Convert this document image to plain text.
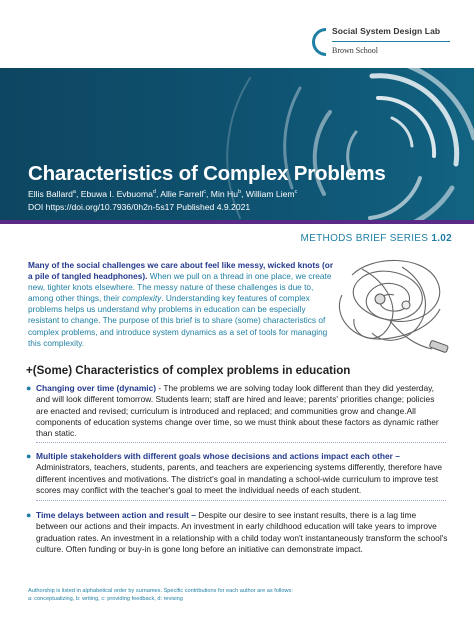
Social System Design Lab
Brown School
Characteristics of Complex Problems
Ellis Ballard$^a$, Ebuwa I. Evbuoma$^d$, Allie Farrell$^c$, Min Hu$^b$, William Liem$^c$
DOI https://doi.org/10.7936/0h2n-5s17 Published 4.9.2021
METHODS BRIEF SERIES 1.02
Many of the social challenges we care about feel like messy, wicked knots (or a pile of tangled headphones). When we pull on a thread in one place, we create new, tighter knots elsewhere. The messy nature of these challenges is due to, among other things, their complexity. Understanding key features of complex problems helps us understand why problems in education can be especially resistant to change. The purpose of this brief is to share (some) characteristics of complex problems, and introduce system dynamics as a set of tools for managing this complexity.
+(Some) Characteristics of complex problems in education
● Changing over time (dynamic) - The problems we are solving today look different than they did yesterday, and will look different tomorrow. Students learn; staff are hired and leave; parents' priorities change; policies are enacted and revised; curriculum is introduced and replaced; and communities grow and change.All components of education systems change over time, so we must think about these factors as dynamic rather than static.
● Multiple stakeholders with different goals whose decisions and actions impact each other – Administrators, teachers, students, parents, and teachers are experiencing systems differently, therefore have different incentives and motivations. The district's goal in mandating a school-wide curriculum to improve test scores may conflict with the teacher's goal to meet the individual needs of each student.
● Time delays between action and result – Despite our desire to see instant results, there is a lag time between our actions and their impacts. An investment in early childhood education will take years to improve graduation rates. An investment in a relationship with a child today won't instantaneously transform the school's culture. Often funding or buy-in is gone long before an initiative can demonstrate impact.
Authorship is listed in alphabetical order by surnames. Specific contributions for each author are as follows:
a: conceptualizing, b: writing, c: providing feedback, d: revising
